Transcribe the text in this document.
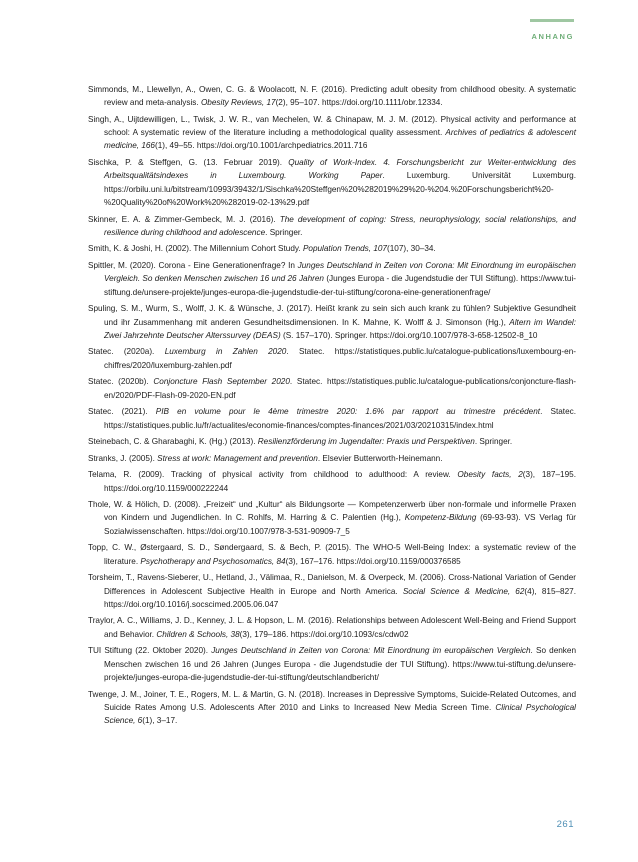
ANHANG

Simmonds, M., Llewellyn, A., Owen, C. G. & Woolacott, N. F. (2016). Predicting adult obesity from childhood obesity. A systematic review and meta-analysis. Obesity Reviews, 17(2), 95–107. https://doi.org/10.1111/obr.12334.

Singh, A., Uijtdewilligen, L., Twisk, J. W. R., van Mechelen, W. & Chinapaw, M. J. M. (2012). Physical activity and performance at school: A systematic review of the literature including a methodological quality assessment. Archives of pediatrics & adolescent medicine, 166(1), 49–55. https://doi.org/10.1001/archpediatrics.2011.716

Sischka, P. & Steffgen, G. (13. Februar 2019). Quality of Work-Index. 4. Forschungsbericht zur Weiter-entwicklung des Arbeitsqualitätsindexes in Luxembourg. Working Paper. Luxemburg. Universität Luxemburg. https://orbilu.uni.lu/bitstream/10993/39432/1/Sischka%20Steffgen%20%282019%29%20-%204.%20Forschungsbericht%20-%20Quality%20of%20Work%20%282019-02-13%29.pdf

Skinner, E. A. & Zimmer-Gembeck, M. J. (2016). The development of coping: Stress, neurophysiology, social relationships, and resilience during childhood and adolescence. Springer.

Smith, K. & Joshi, H. (2002). The Millennium Cohort Study. Population Trends, 107(107), 30–34.

Spittler, M. (2020). Corona - Eine Generationenfrage? In Junges Deutschland in Zeiten von Corona: Mit Einordnung im europäischen Vergleich. So denken Menschen zwischen 16 und 26 Jahren (Junges Europa - die Jugendstudie der TUI Stiftung). https://www.tui-stiftung.de/unsere-projekte/junges-europa-die-jugendstudie-der-tui-stiftung/corona-eine-generationenfrage/

Spuling, S. M., Wurm, S., Wolff, J. K. & Wünsche, J. (2017). Heißt krank zu sein sich auch krank zu fühlen? Subjektive Gesundheit und ihr Zusammenhang mit anderen Gesundheitsdimensionen. In K. Mahne, K. Wolff & J. Simonson (Hg.), Altern im Wandel: Zwei Jahrzehnte Deutscher Alterssurvey (DEAS) (S. 157–170). Springer. https://doi.org/10.1007/978-3-658-12502-8_10

Statec. (2020a). Luxemburg in Zahlen 2020. Statec. https://statistiques.public.lu/catalogue-publications/luxembourg-en-chiffres/2020/luxemburg-zahlen.pdf

Statec. (2020b). Conjoncture Flash September 2020. Statec. https://statistiques.public.lu/catalogue-publications/conjoncture-flash-en/2020/PDF-Flash-09-2020-EN.pdf

Statec. (2021). PIB en volume pour le 4ème trimestre 2020: 1.6% par rapport au trimestre précédent. Statec. https://statistiques.public.lu/fr/actualites/economie-finances/comptes-finances/2021/03/20210315/index.html

Steinebach, C. & Gharabaghi, K. (Hg.) (2013). Resilienzförderung im Jugendalter: Praxis und Perspektiven. Springer.

Stranks, J. (2005). Stress at work: Management and prevention. Elsevier Butterworth-Heinemann.

Telama, R. (2009). Tracking of physical activity from childhood to adulthood: A review. Obesity facts, 2(3), 187–195. https://doi.org/10.1159/000222244

Thole, W. & Hölich, D. (2008). „Freizeit“ und „Kultur“ als Bildungsorte — Kompetenzerwerb über non-formale und informelle Praxen von Kindern und Jugendlichen. In C. Rohlfs, M. Harring & C. Palentien (Hg.), Kompetenz-Bildung (69-93-93). VS Verlag für Sozialwissenschaften. https://doi.org/10.1007/978-3-531-90909-7_5

Topp, C. W., Østergaard, S. D., Søndergaard, S. & Bech, P. (2015). The WHO-5 Well-Being Index: a systematic review of the literature. Psychotherapy and Psychosomatics, 84(3), 167–176. https://doi.org/10.1159/000376585

Torsheim, T., Ravens-Sieberer, U., Hetland, J., Välimaa, R., Danielson, M. & Overpeck, M. (2006). Cross-National Variation of Gender Differences in Adolescent Subjective Health in Europe and North America. Social Science & Medicine, 62(4), 815–827. https://doi.org/10.1016/j.socscimed.2005.06.047

Traylor, A. C., Williams, J. D., Kenney, J. L. & Hopson, L. M. (2016). Relationships between Adolescent Well-Being and Friend Support and Behavior. Children & Schools, 38(3), 179–186. https://doi.org/10.1093/cs/cdw02

TUI Stiftung (22. Oktober 2020). Junges Deutschland in Zeiten von Corona: Mit Einordnung im europäischen Vergleich. So denken Menschen zwischen 16 und 26 Jahren (Junges Europa - die Jugendstudie der TUI Stiftung). https://www.tui-stiftung.de/unsere-projekte/junges-europa-die-jugendstudie-der-tui-stiftung/deutschlandbericht/

Twenge, J. M., Joiner, T. E., Rogers, M. L. & Martin, G. N. (2018). Increases in Depressive Symptoms, Suicide-Related Outcomes, and Suicide Rates Among U.S. Adolescents After 2010 and Links to Increased New Media Screen Time. Clinical Psychological Science, 6(1), 3–17.

261
